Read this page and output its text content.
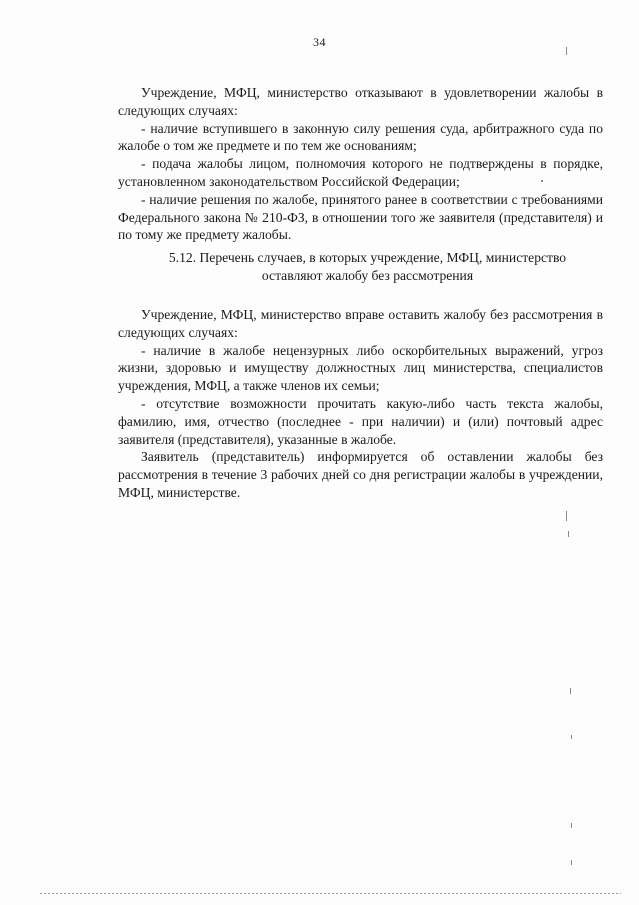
34

Учреждение, МФЦ, министерство отказывают в удовлетворении жалобы в следующих случаях:

- наличие вступившего в законную силу решения суда, арбитражного суда по жалобе о том же предмете и по тем же основаниям;

- подача жалобы лицом, полномочия которого не подтверждены в порядке, установленном законодательством Российской Федерации;

- наличие решения по жалобе, принятого ранее в соответствии с требованиями Федерального закона № 210-ФЗ, в отношении того же заявителя (представителя) и по тому же предмету жалобы.

5.12. Перечень случаев, в которых учреждение, МФЦ, министерство
оставляют жалобу без рассмотрения

Учреждение, МФЦ, министерство вправе оставить жалобу без рассмотрения в следующих случаях:

- наличие в жалобе нецензурных либо оскорбительных выражений, угроз жизни, здоровью и имуществу должностных лиц министерства, специалистов учреждения, МФЦ, а также членов их семьи;

- отсутствие возможности прочитать какую-либо часть текста жалобы, фамилию, имя, отчество (последнее - при наличии) и (или) почтовый адрес заявителя (представителя), указанные в жалобе.

Заявитель (представитель) информируется об оставлении жалобы без рассмотрения в течение 3 рабочих дней со дня регистрации жалобы в учреждении, МФЦ, министерстве.
